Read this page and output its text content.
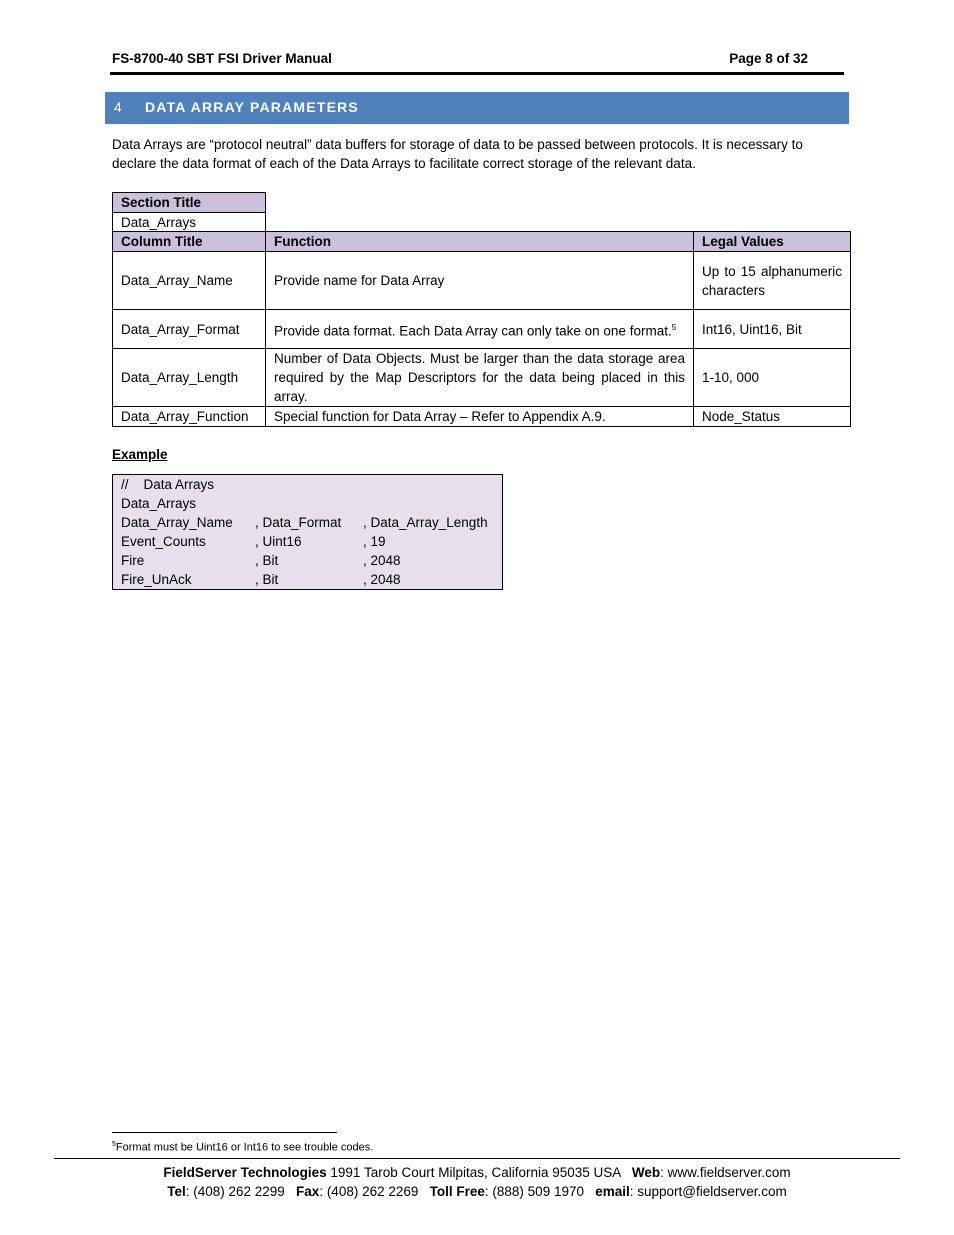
FS-8700-40 SBT FSI Driver Manual	Page 8 of 32
4 DATA ARRAY PARAMETERS
Data Arrays are “protocol neutral” data buffers for storage of data to be passed between protocols. It is necessary to declare the data format of each of the Data Arrays to facilitate correct storage of the relevant data.
Section Title
Data_Arrays
Column Title	Function	Legal Values
Data_Array_Name	Provide name for Data Array	Up to 15 alphanumeric characters
Data_Array_Format	Provide data format. Each Data Array can only take on one format.$^5$	Int16, Uint16, Bit
Data_Array_Length	Number of Data Objects. Must be larger than the data storage area required by the Map Descriptors for the data being placed in this array.	1-10, 000
Data_Array_Function	Special function for Data Array – Refer to Appendix A.9.	Node_Status
Example
//    Data Arrays
Data_Arrays
Data_Array_Name , Data_Format , Data_Array_Length
Event_Counts	, Uint16	, 19
Fire	, Bit	, 2048
Fire_UnAck	, Bit	, 2048
$^5$Format must be Uint16 or Int16 to see trouble codes.
FieldServer Technologies 1991 Tarob Court Milpitas, California 95035 USA   Web: www.fieldserver.com
Tel: (408) 262 2299   Fax: (408) 262 2269   Toll Free: (888) 509 1970   email: support@fieldserver.com
